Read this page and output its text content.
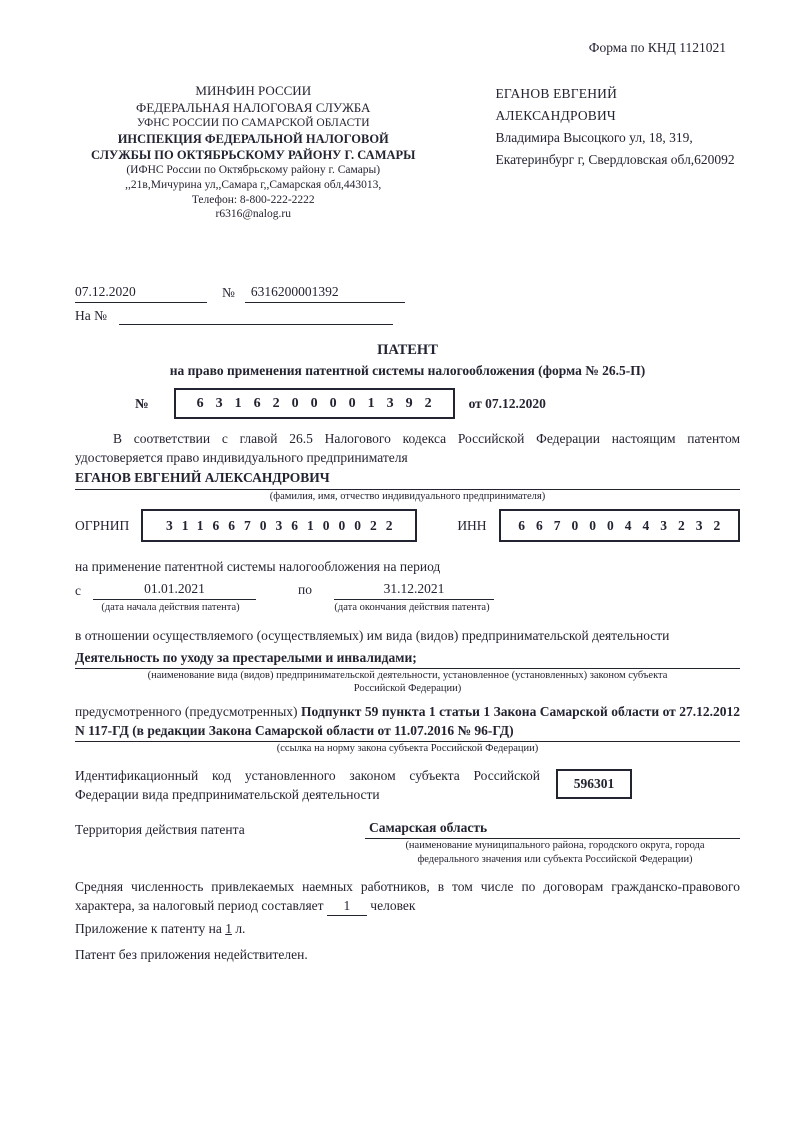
Форма по КНД 1121021
МИНФИН РОССИИ
ФЕДЕРАЛЬНАЯ НАЛОГОВАЯ СЛУЖБА
УФНС РОССИИ ПО САМАРСКОЙ ОБЛАСТИ
ИНСПЕКЦИЯ ФЕДЕРАЛЬНОЙ НАЛОГОВОЙ
СЛУЖБЫ ПО ОКТЯБРЬСКОМУ РАЙОНУ Г. САМАРЫ
(ИФНС России по Октябрьскому району г. Самары)
,,21в,Мичурина ул,,Самара г,,Самарская обл,443013,
Телефон: 8-800-222-2222
r6316@nalog.ru
ЕГАНОВ ЕВГЕНИЙ АЛЕКСАНДРОВИЧ
Владимира Высоцкого ул, 18, 319,
Екатеринбург г, Свердловская обл,620092
07.12.2020	№	6316200001392
На №
ПАТЕНТ
на право применения патентной системы налогообложения (форма № 26.5-П)
№	6316200001392 от 07.12.2020

В соответствии с главой 26.5 Налогового кодекса Российской Федерации настоящим патентом удостоверяется право индивидуального предпринимателя

ЕГАНОВ ЕВГЕНИЙ АЛЕКСАНДРОВИЧ
(фамилия, имя, отчество индивидуального предпринимателя)
ОГРНИП	311667036100022	ИНН 667000443232
на применение патентной системы налогообложения на период
с	01.01.2021	по	31.12.2021
(дата начала действия патента)	(дата окончания действия патента)

в отношении осуществляемого (осуществляемых) им вида (видов) предпринимательской деятельности

Деятельность по уходу за престарелыми и инвалидами;
(наименование вида (видов) предпринимательской деятельности, установленное (установленных) законом субъекта
Российской Федерации)

предусмотренного (предусмотренных) Подпункт 59 пункта 1 статьи 1 Закона Самарской области от 27.12.2012 N 117-ГД (в редакции Закона Самарской области от 11.07.2016 № 96-ГД)

(ссылка на норму закона субъекта Российской Федерации)
Идентификационный код установленного законом субъекта Российской Федерации вида предпринимательской деятельности
596301
Территория действия патента	Самарская область
(наименование муниципального района, городского округа, города
федерального значения или субъекта Российской Федерации)

Средняя численность привлекаемых наемных работников, в том числе по договорам гражданско-правового характера, за налоговый период составляет 1 человек

Приложение к патенту на 1 л.

Патент без приложения недействителен.
